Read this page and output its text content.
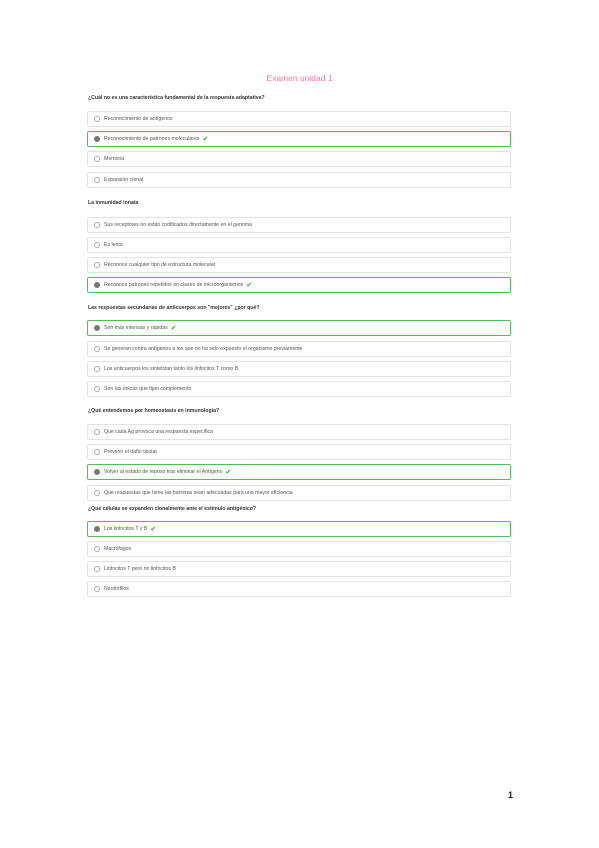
Examen unidad 1
¿Cuál no es una característica fundamental de la respuesta adaptativa?
Reconocimiento de antígenos
Reconocimiento de patrones moleculares ✔
Memoria
Expansión clonal
La inmunidad innata
Sus receptores no están codificados directamente en el genoma
Es lenta
Reconoce cualquier tipo de estructura molecular
Reconoce patrones repetidos en clases de microorganismos ✔
Las respuestas secundarias de anticuerpos son "mejores" ¿por qué?
Son más intensas y rápidas ✔
Se generan contra antígenos a los que no ha sido expuesto el organismo previamente
Los anticuerpos los sintetizan tanto los linfocitos T como B
Son las únicas que fijan complemento
¿Qué entendemos por homeostasis en inmunología?
Que cada Ag provoca una respuesta específica
Prevenir el daño tisular
Volver al estado de reposo tras eliminar el Antígeno ✔
Que respuestas que tiene las barreras sean adecuadas para una mayor eficiencia
¿Qué células se expanden clonalmente ante el estímulo antigénico?
Los linfocitos T y B ✔
Macrófagos
Linfocitos T pero no linfocitos B
Neutrófilos
1
